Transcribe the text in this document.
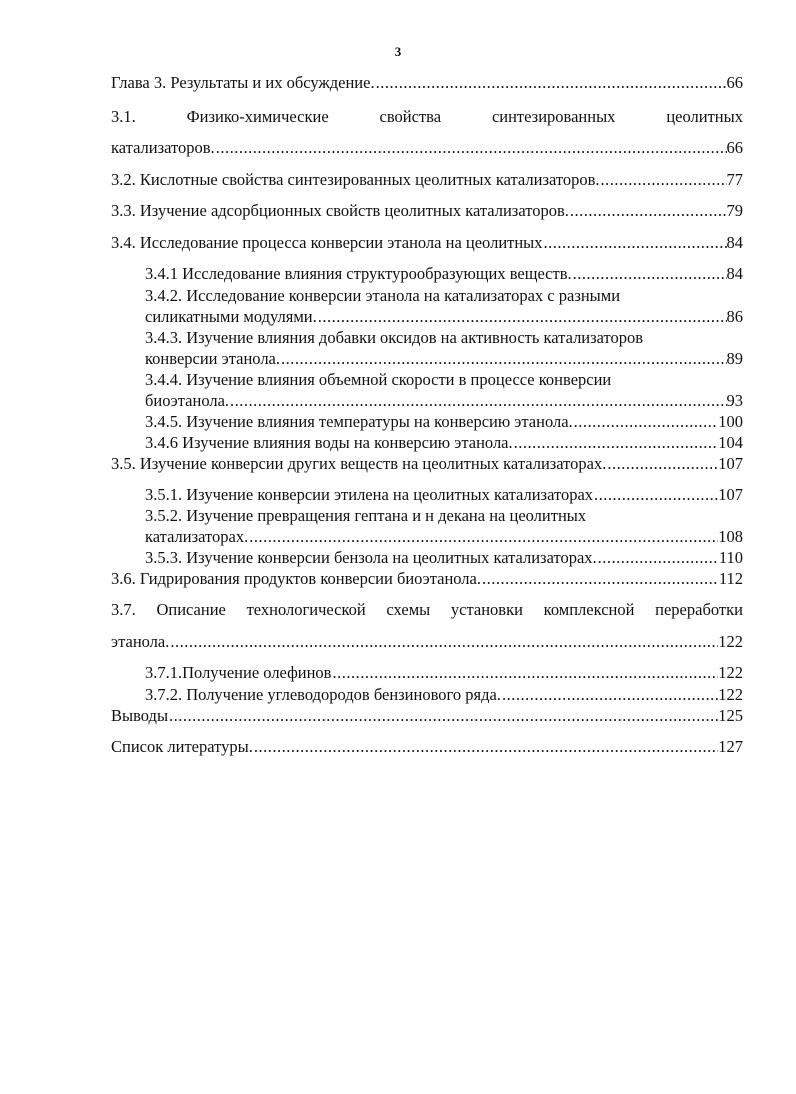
3
Глава 3. Результаты и их обсуждение. .....	66
3.1.	Физико-химические	свойства	синтезированных	цеолитных
катализаторов. .....	66
3.2. Кислотные свойства синтезированных цеолитных катализаторов. .....	77
3.3. Изучение адсорбционных свойств цеолитных катализаторов. .....	79
3.4. Исследование процесса конверсии этанола на цеолитных .....	84
3.4.1 Исследование влияния структурообразующих веществ. .....	84
3.4.2. Исследование конверсии этанола на катализаторах с разными
силикатными модулями. .....	86
3.4.3. Изучение влияния добавки оксидов на активность катализаторов
конверсии этанола. .....	89
3.4.4. Изучение влияния объемной скорости в процессе конверсии
биоэтанола. .....	93
3.4.5. Изучение влияния температуры на конверсию этанола. .....	100
3.4.6 Изучение влияния воды на конверсию этанола. .....	104
3.5. Изучение конверсии других веществ на цеолитных катализаторах. .....	107
3.5.1. Изучение конверсии этилена на цеолитных катализаторах .....	107
3.5.2. Изучение превращения гептана и н декана на цеолитных
катализаторах. .....	108
3.5.3. Изучение конверсии бензола на цеолитных катализаторах. .....	110
3.6. Гидрирования продуктов конверсии биоэтанола. .....	112
3.7. Описание технологической схемы установки комплексной переработки
этанола. .....	122
3.7.1.Получение олефинов .....	122
3.7.2. Получение углеводородов бензинового ряда. .....	122
Выводы .....	125
Список литературы. .....	127
